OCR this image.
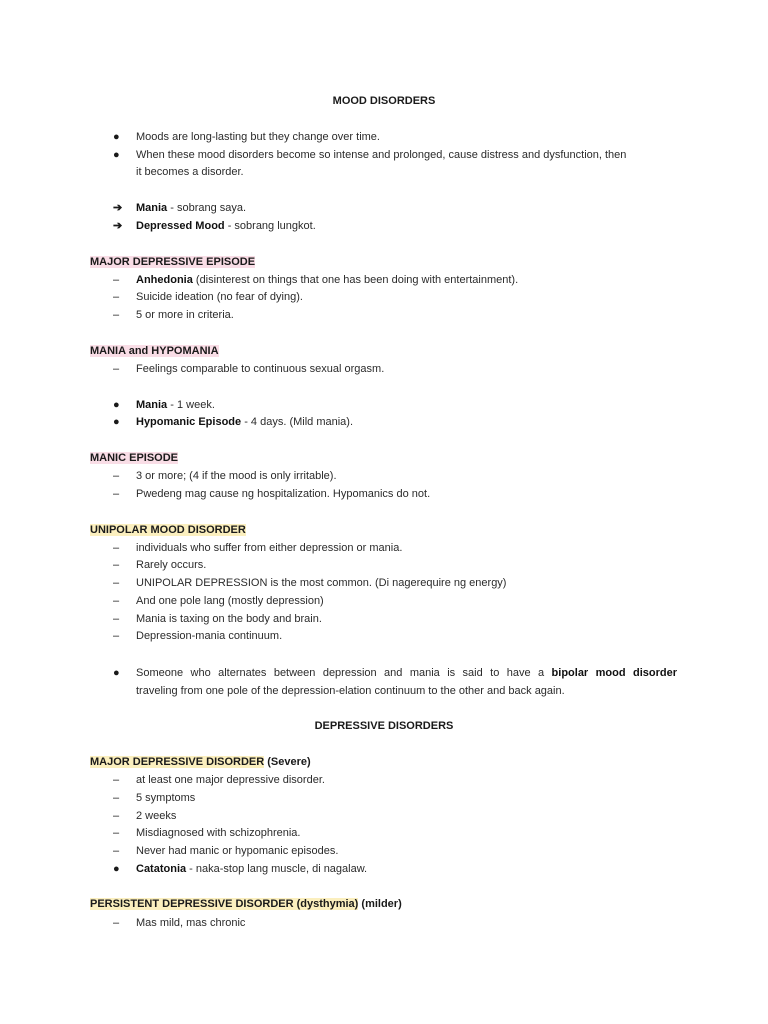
MOOD DISORDERS
●	Moods are long-lasting but they change over time.
●	When these mood disorders become so intense and prolonged, cause distress and dysfunction, then
it becomes a disorder.
➔	Mania - sobrang saya.
➔	Depressed Mood - sobrang lungkot.
MAJOR DEPRESSIVE EPISODE
–	Anhedonia (disinterest on things that one has been doing with entertainment).
–	Suicide ideation (no fear of dying).
–	5 or more in criteria.
MANIA and HYPOMANIA
–	Feelings comparable to continuous sexual orgasm.
●	Mania - 1 week.
●	Hypomanic Episode - 4 days. (Mild mania).
MANIC EPISODE
–	3 or more; (4 if the mood is only irritable).
–	Pwedeng mag cause ng hospitalization. Hypomanics do not.
UNIPOLAR MOOD DISORDER
–	individuals who suffer from either depression or mania.
–	Rarely occurs.
–	UNIPOLAR DEPRESSION is the most common. (Di nagerequire ng energy)
–	And one pole lang (mostly depression)
–	Mania is taxing on the body and brain.
–	Depression-mania continuum.
●	Someone who alternates between depression and mania is said to have a bipolar mood disorder
traveling from one pole of the depression-elation continuum to the other and back again.
DEPRESSIVE DISORDERS
MAJOR DEPRESSIVE DISORDER (Severe)
–	at least one major depressive disorder.
–	5 symptoms
–	2 weeks
–	Misdiagnosed with schizophrenia.
–	Never had manic or hypomanic episodes.
●	Catatonia - naka-stop lang muscle, di nagalaw.
PERSISTENT DEPRESSIVE DISORDER (dysthymia) (milder)
–	Mas mild, mas chronic
